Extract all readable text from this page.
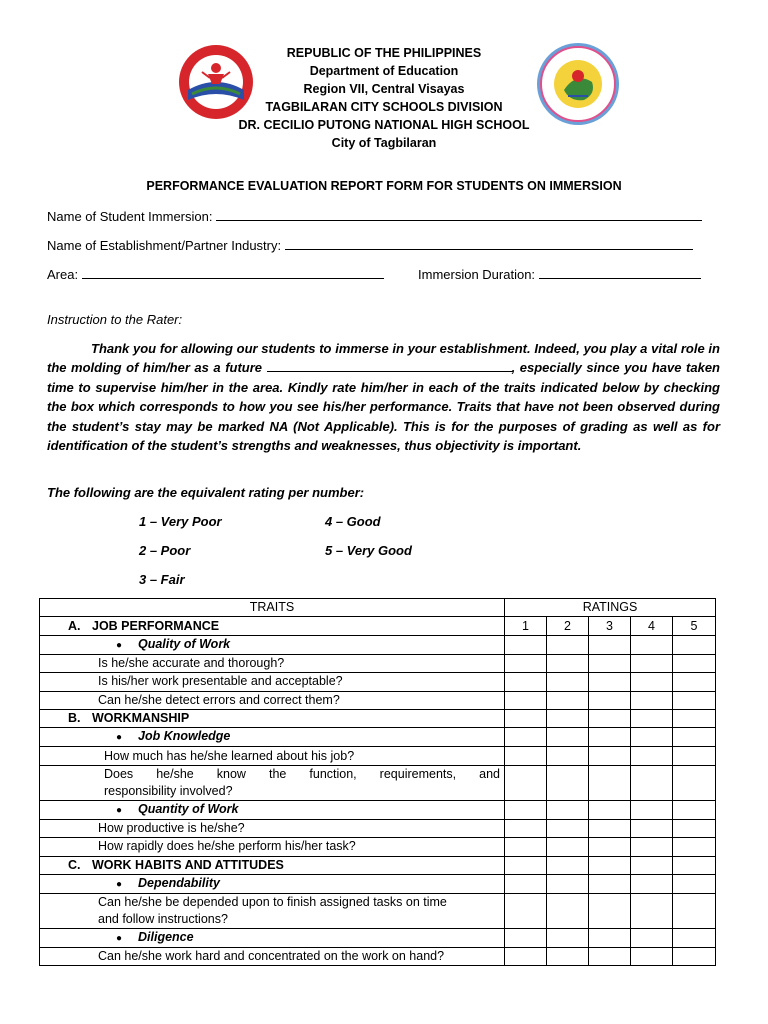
REPUBLIC OF THE PHILIPPINES
Department of Education
Region VII, Central Visayas
TAGBILARAN CITY SCHOOLS DIVISION
DR. CECILIO PUTONG NATIONAL HIGH SCHOOL
City of Tagbilaran
PERFORMANCE EVALUATION REPORT FORM FOR STUDENTS ON IMMERSION
Name of Student Immersion:
Name of Establishment/Partner Industry:
Area:	Immersion Duration:
Instruction to the Rater:
Thank you for allowing our students to immerse in your establishment. Indeed, you play a vital role in the molding of him/her as a future	, especially since you have taken time to supervise him/her in the area. Kindly rate him/her in each of the traits indicated below by checking the box which corresponds to how you see his/her performance. Traits that have not been observed during the student’s stay may be marked NA (Not Applicable). This is for the purposes of grading as well as for identification of the student’s strengths and weaknesses, thus objectivity is important.
The following are the equivalent rating per number:
1 – Very Poor	4 – Good
2 – Poor	5 – Very Good
3 – Fair
TRAITS	RATINGS				
A. JOB PERFORMANCE	1	2	3	4	5
● Quality of Work					
Is he/she accurate and thorough?					
Is his/her work presentable and acceptable?					
Can he/she detect errors and correct them?					
B. WORKMANSHIP					
● Job Knowledge					
How much has he/she learned about his job?					

Does he/she know the function, requirements, and
responsibility involved?					

● Quantity of Work					
How productive is he/she?					
How rapidly does he/she perform his/her task?					
C. WORK HABITS AND ATTITUDES					
● Dependability					

Can he/she be depended upon to finish assigned tasks on time
and follow instructions?					

● Diligence					
Can he/she work hard and concentrated on the work on hand?					
